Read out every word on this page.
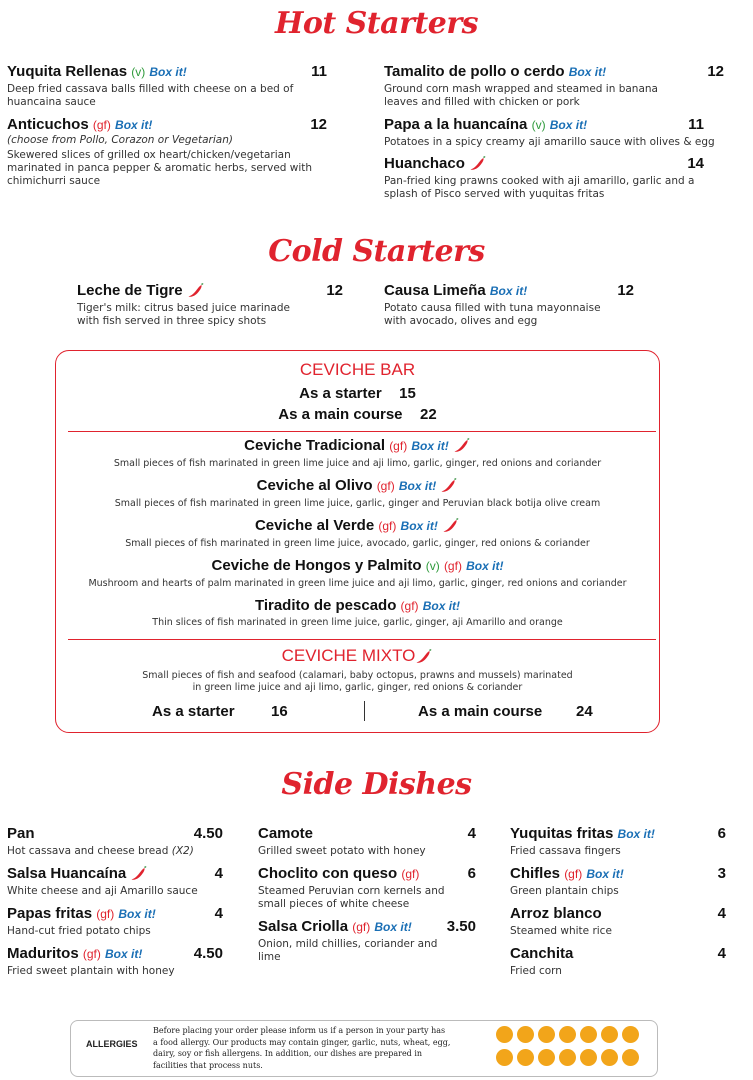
Hot Starters
Yuquita Rellenas (v) Box it!	11
Deep fried cassava balls filled with cheese on a bed of huancaina sauce
Anticuchos (gf) Box it!	12
(choose from Pollo, Corazon or Vegetarian)
Skewered slices of grilled ox heart/chicken/vegetarian marinated in panca pepper & aromatic herbs, served with chimichurri sauce
Tamalito de pollo o cerdo Box it!	12
Ground corn mash wrapped and steamed in banana leaves and filled with chicken or pork
Papa a la huancaína (v) Box it!	11
Potatoes in a spicy creamy aji amarillo sauce with olives & egg
Huanchaco	14
Pan-fried king prawns cooked with aji amarillo, garlic and a splash of Pisco served with yuquitas fritas
Cold Starters
Leche de Tigre	12
Tiger's milk: citrus based juice marinade with fish served in three spicy shots
Causa Limeña Box it!	12
Potato causa filled with tuna mayonnaise with avocado, olives and egg
CEVICHE BAR
As a starter 15
As a main course 22
Ceviche Tradicional (gf) Box it!
Small pieces of fish marinated in green lime juice and aji limo, garlic, ginger, red onions and coriander
Ceviche al Olivo (gf) Box it!
Small pieces of fish marinated in green lime juice, garlic, ginger and Peruvian black botija olive cream
Ceviche al Verde (gf) Box it!
Small pieces of fish marinated in green lime juice, avocado, garlic, ginger, red onions & coriander
Ceviche de Hongos y Palmito (v) (gf) Box it!
Mushroom and hearts of palm marinated in green lime juice and aji limo, garlic, ginger, red onions and coriander
Tiradito de pescado (gf) Box it!
Thin slices of fish marinated in green lime juice, garlic, ginger, aji Amarillo and orange
CEVICHE MIXTO
Small pieces of fish and seafood (calamari, baby octopus, prawns and mussels) marinated
in green lime juice and aji limo, garlic, ginger, red onions & coriander
As a starter 16	As a main course 24
Side Dishes
Pan	4.50
Hot cassava and cheese bread (X2)
Salsa Huancaína	4
White cheese and aji Amarillo sauce
Papas fritas (gf) Box it!	4
Hand-cut fried potato chips
Maduritos (gf) Box it!	4.50
Fried sweet plantain with honey
Camote	4
Grilled sweet potato with honey
Choclito con queso (gf)	6
Steamed Peruvian corn kernels and small pieces of white cheese
Salsa Criolla (gf) Box it!	3.50
Onion, mild chillies, coriander and lime
Yuquitas fritas Box it!	6
Fried cassava fingers
Chifles (gf) Box it!	3
Green plantain chips
Arroz blanco	4
Steamed white rice
Canchita	4
Fried corn
ALLERGIES
Before placing your order please inform us if a person in your party has
a food allergy. Our products may contain ginger, garlic, nuts, wheat, egg,
dairy, soy or fish allergens. In addition, our dishes are prepared in
facilities that process nuts.
